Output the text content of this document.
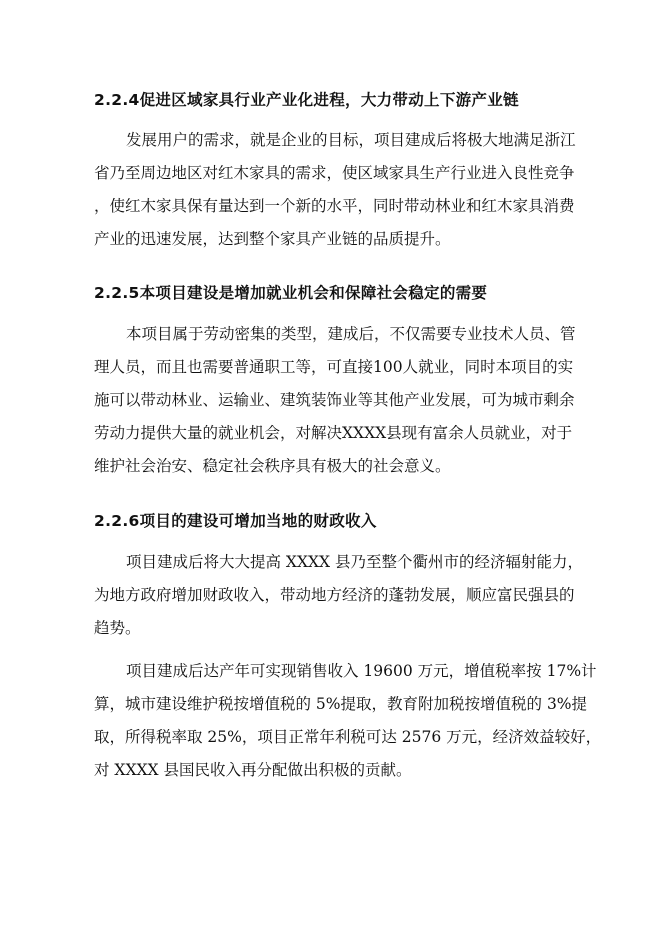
2.2.4促进区域家具行业产业化进程，大力带动上下游产业链
发展用户的需求，就是企业的目标，项目建成后将极大地满足浙江
省乃至周边地区对红木家具的需求，使区域家具生产行业进入良性竞争
，使红木家具保有量达到一个新的水平，同时带动林业和红木家具消费
产业的迅速发展，达到整个家具产业链的品质提升。
2.2.5本项目建设是增加就业机会和保障社会稳定的需要
本项目属于劳动密集的类型，建成后，不仅需要专业技术人员、管
理人员，而且也需要普通职工等，可直接100人就业，同时本项目的实
施可以带动林业、运输业、建筑装饰业等其他产业发展，可为城市剩余
劳动力提供大量的就业机会，对解决XXXX县现有富余人员就业，对于
维护社会治安、稳定社会秩序具有极大的社会意义。
2.2.6项目的建设可增加当地的财政收入
项目建成后将大大提高 XXXX 县乃至整个衢州市的经济辐射能力，
为地方政府增加财政收入，带动地方经济的蓬勃发展，顺应富民强县的
趋势。
项目建成后达产年可实现销售收入 19600 万元，增值税率按 17%计
算，城市建设维护税按增值税的 5%提取，教育附加税按增值税的 3%提
取，所得税率取 25%，项目正常年利税可达 2576 万元，经济效益较好，
对 XXXX 县国民收入再分配做出积极的贡献。
